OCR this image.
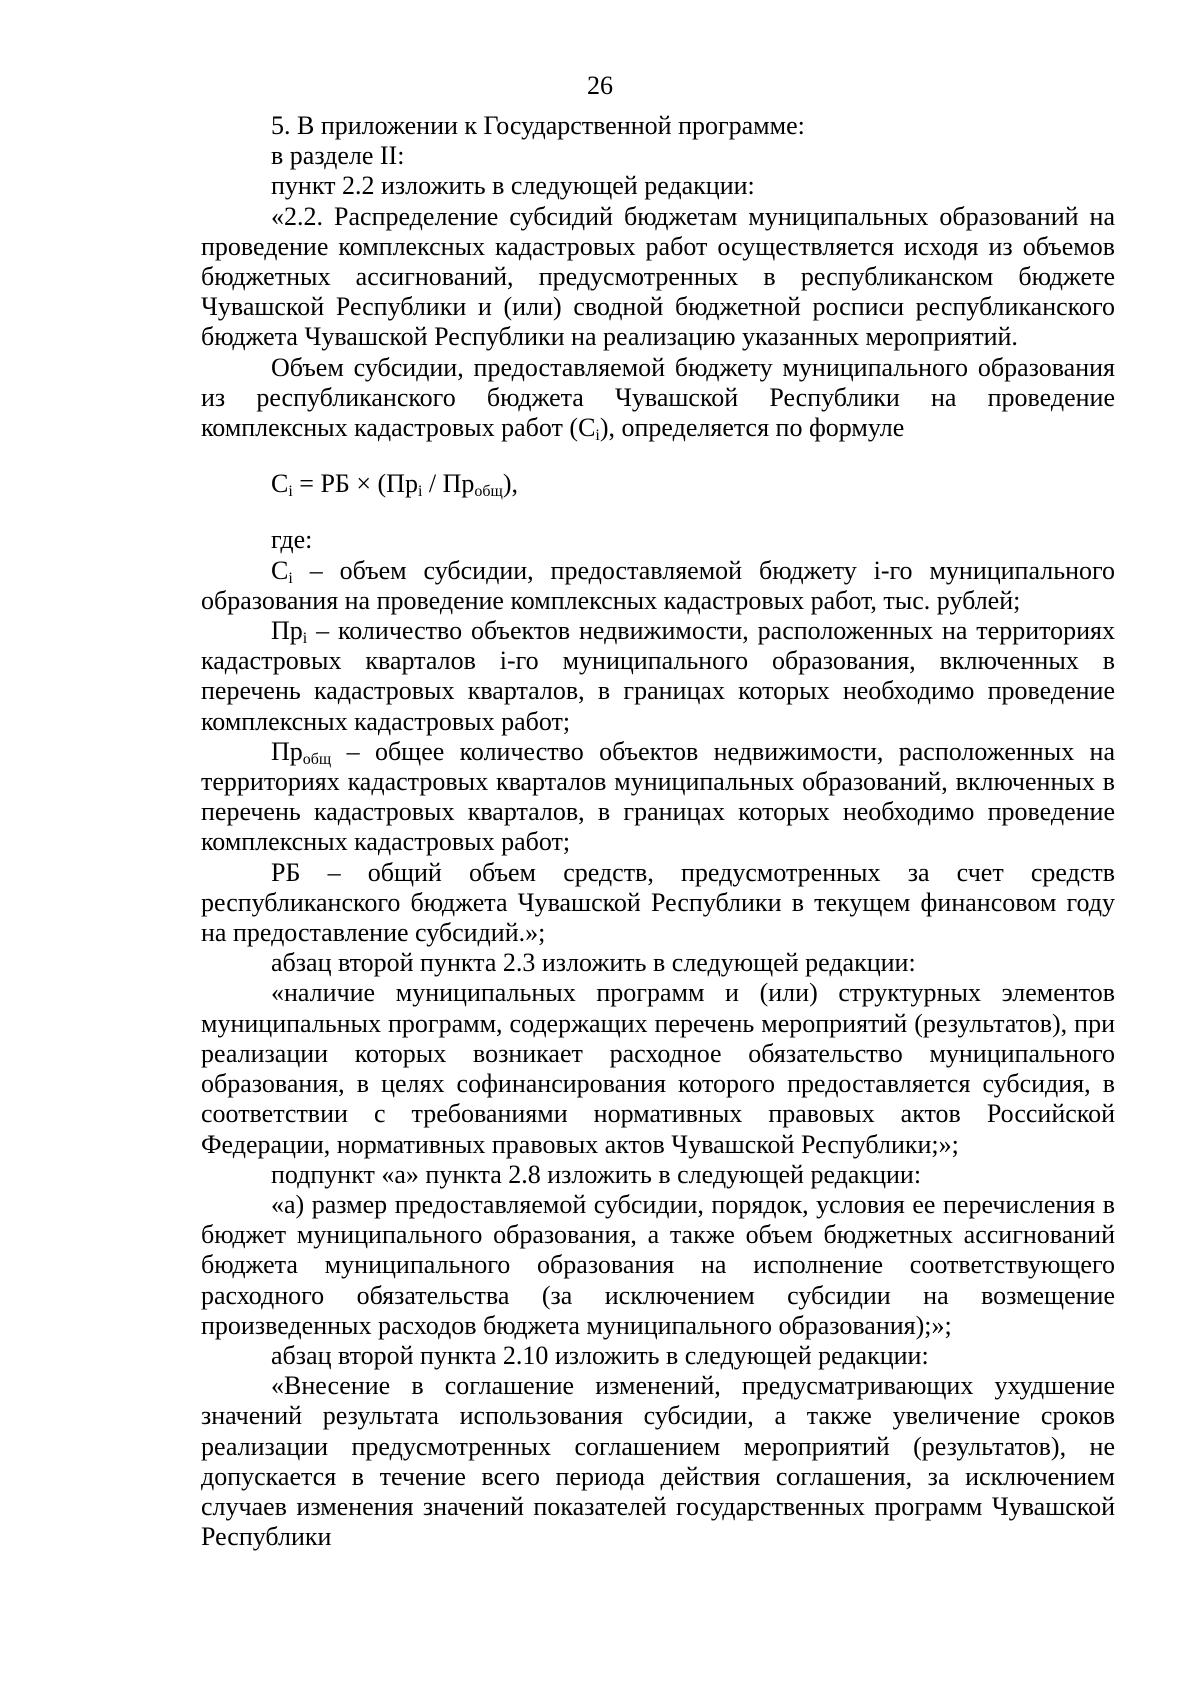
26

5. В приложении к Государственной программе:

в разделе II:

пункт 2.2 изложить в следующей редакции:

«2.2. Распределение субсидий бюджетам муниципальных образований на проведение комплексных кадастровых работ осуществляется исходя из объемов бюджетных ассигнований, предусмотренных в республиканском бюджете Чувашской Республики и (или) сводной бюджетной росписи республиканского бюджета Чувашской Республики на реализацию указанных мероприятий.

Объем субсидии, предоставляемой бюджету муниципального образования из республиканского бюджета Чувашской Республики на проведение комплексных кадастровых работ $(С_i)$, определяется по формуле

$С_i$ = РБ × $(Пр_i / Пр_{общ})$,

где:

$С_i$ – объем субсидии, предоставляемой бюджету i-го муниципального образования на проведение комплексных кадастровых работ, тыс. рублей;

$Пр_i$ – количество объектов недвижимости, расположенных на территориях кадастровых кварталов i-го муниципального образования, включенных в перечень кадастровых кварталов, в границах которых необходимо проведение комплексных кадастровых работ;

$Пр_{общ}$ – общее количество объектов недвижимости, расположенных на территориях кадастровых кварталов муниципальных образований, включенных в перечень кадастровых кварталов, в границах которых необходимо проведение комплексных кадастровых работ;

РБ – общий объем средств, предусмотренных за счет средств республиканского бюджета Чувашской Республики в текущем финансовом году на предоставление субсидий.»;

абзац второй пункта 2.3 изложить в следующей редакции:

«наличие муниципальных программ и (или) структурных элементов муниципальных программ, содержащих перечень мероприятий (результатов), при реализации которых возникает расходное обязательство муниципального образования, в целях софинансирования которого предоставляется субсидия, в соответствии с требованиями нормативных правовых актов Российской Федерации, нормативных правовых актов Чувашской Республики;»;

подпункт «а» пункта 2.8 изложить в следующей редакции:

«а) размер предоставляемой субсидии, порядок, условия ее перечисления в бюджет муниципального образования, а также объем бюджетных ассигнований бюджета муниципального образования на исполнение соответствующего расходного обязательства (за исключением субсидии на возмещение произведенных расходов бюджета муниципального образования);»;

абзац второй пункта 2.10 изложить в следующей редакции:

«Внесение в соглашение изменений, предусматривающих ухудшение значений результата использования субсидии, а также увеличение сроков реализации предусмотренных соглашением мероприятий (результатов), не допускается в течение всего периода действия соглашения, за исключением случаев изменения значений показателей государственных программ Чувашской Республики
